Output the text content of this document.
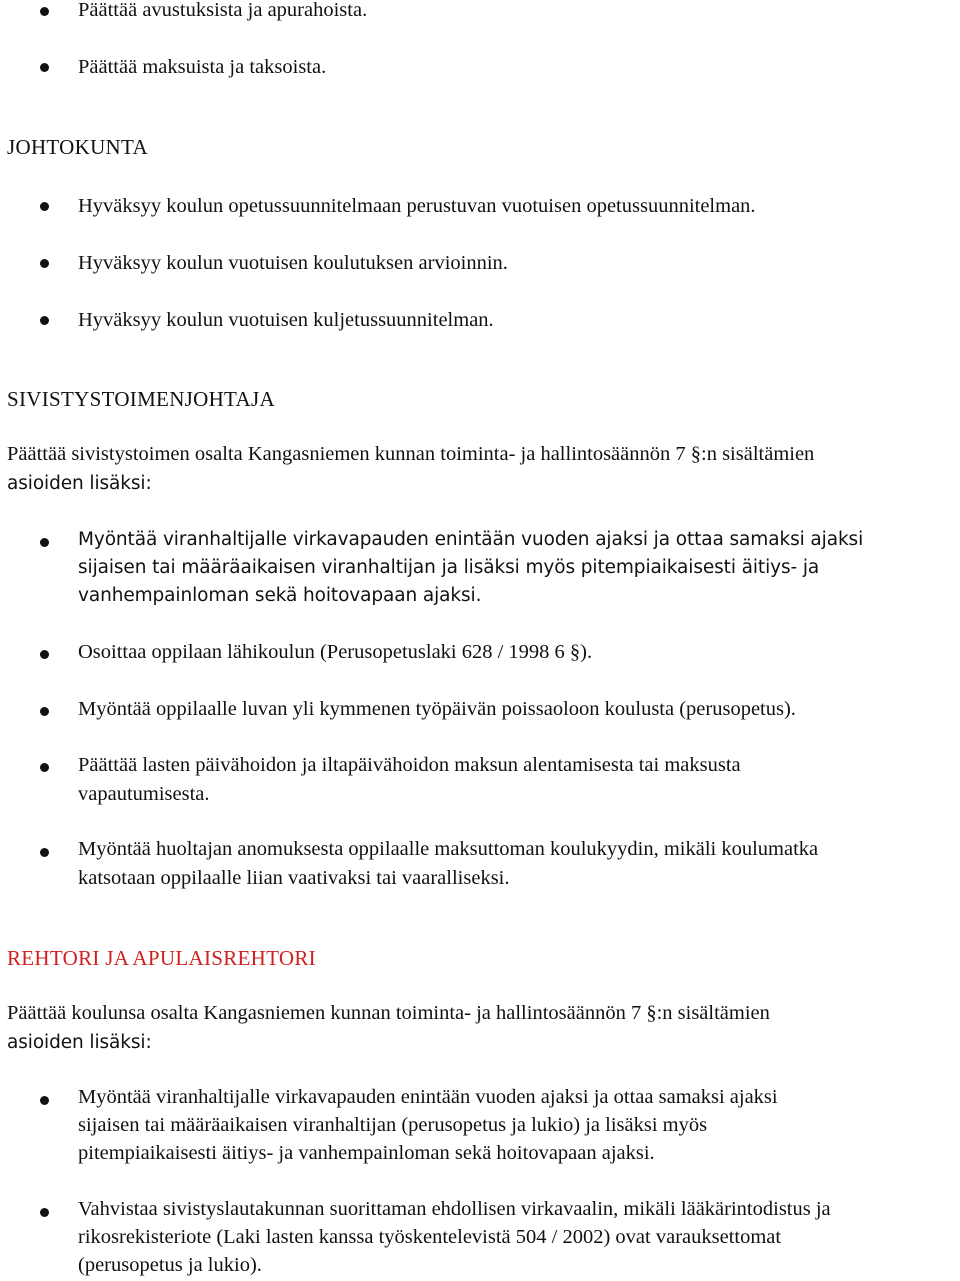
Päättää avustuksista ja apurahoista.

Päättää maksuista ja taksoista.

JOHTOKUNTA

Hyväksyy koulun opetussuunnitelmaan perustuvan vuotuisen opetussuunnitelman.

Hyväksyy koulun vuotuisen koulutuksen arvioinnin.

Hyväksyy koulun vuotuisen kuljetussuunnitelman.

SIVISTYSTOIMENJOHTAJA

Päättää sivistystoimen osalta Kangasniemen kunnan toiminta- ja hallintosäännön 7 §:n sisältämien

asioiden lisäksi:

Myöntää viranhaltijalle virkavapauden enintään vuoden ajaksi ja ottaa samaksi ajaksi

sijaisen tai määräaikaisen viranhaltijan ja lisäksi myös pitempiaikaisesti äitiys- ja

vanhempainloman sekä hoitovapaan ajaksi.

Osoittaa oppilaan lähikoulun (Perusopetuslaki 628 / 1998 6 §).

Myöntää oppilaalle luvan yli kymmenen työpäivän poissaoloon koulusta (perusopetus).

Päättää lasten päivähoidon ja iltapäivähoidon maksun alentamisesta tai maksusta

vapautumisesta.

Myöntää huoltajan anomuksesta oppilaalle maksuttoman koulukyydin, mikäli koulumatka

katsotaan oppilaalle liian vaativaksi tai vaaralliseksi.

REHTORI JA APULAISREHTORI

Päättää koulunsa osalta Kangasniemen kunnan toiminta- ja hallintosäännön 7 §:n sisältämien

asioiden lisäksi:

Myöntää viranhaltijalle virkavapauden enintään vuoden ajaksi ja ottaa samaksi ajaksi

sijaisen tai määräaikaisen viranhaltijan (perusopetus ja lukio) ja lisäksi myös

pitempiaikaisesti äitiys- ja vanhempainloman sekä hoitovapaan ajaksi.

Vahvistaa sivistyslautakunnan suorittaman ehdollisen virkavaalin, mikäli lääkärintodistus ja

rikosrekisteriote (Laki lasten kanssa työskentelevistä 504 / 2002) ovat varauksettomat

(perusopetus ja lukio).
